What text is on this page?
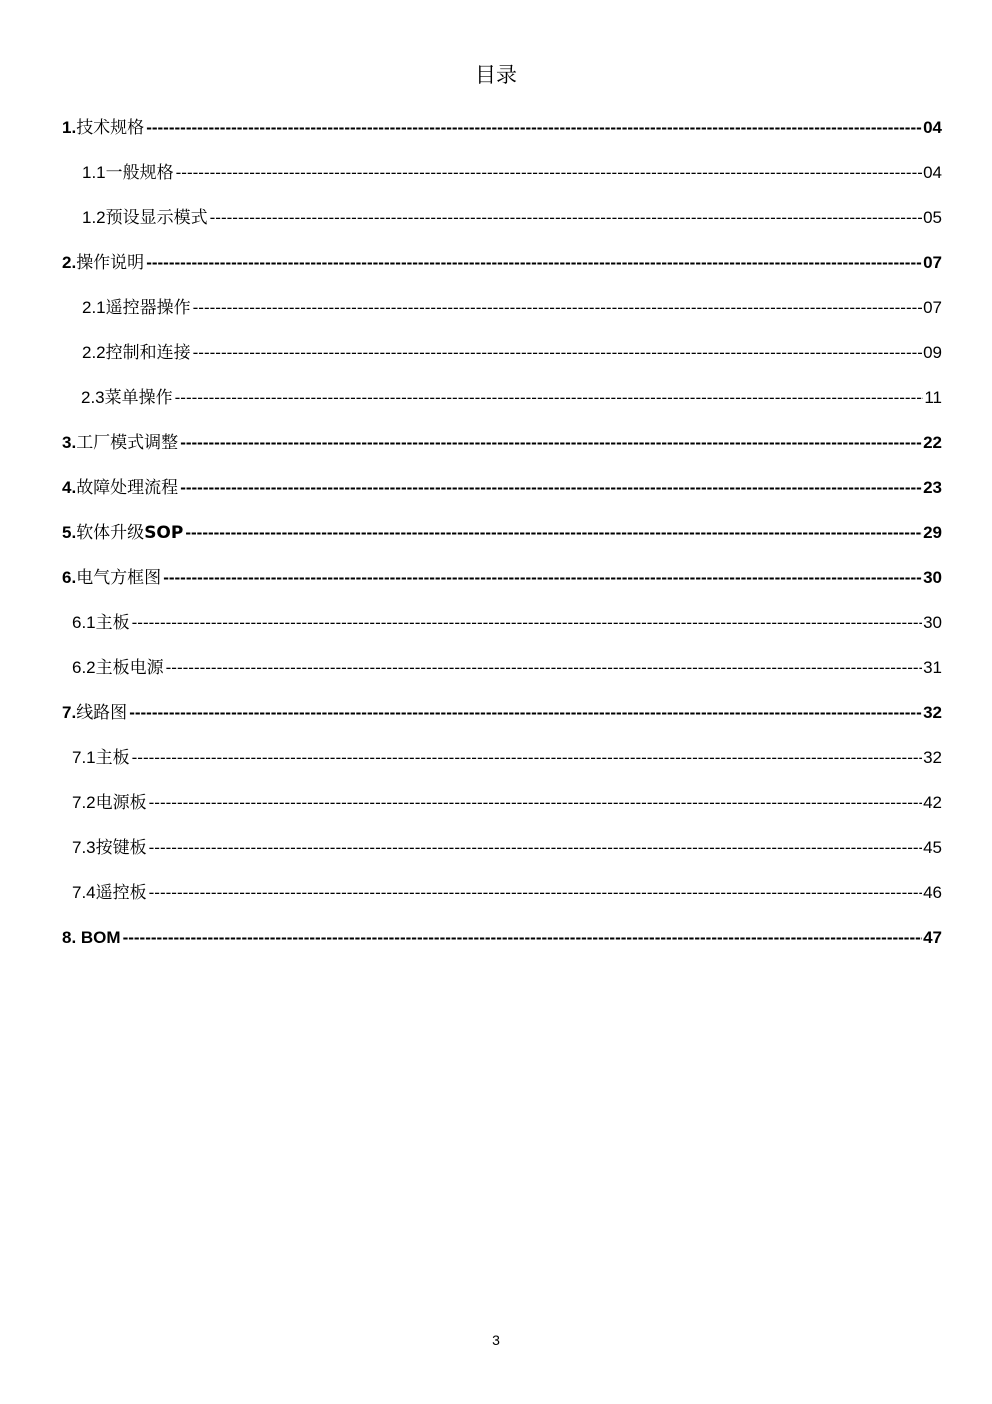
目录
1. 技术规格 -----	04
1.1 一般规格 -----	04
1.2 预设显示模式 -----	05
2. 操作说明 -----	07
2.1 遥控器操作 -----	07
2.2 控制和连接 -----	09
2.3 菜单操作 -----	11
3. 工厂模式调整 -----	22
4. 故障处理流程 -----	23
5. 软体升级 SOP -----	29
6. 电气方框图 -----	30
6.1 主板 -----	30
6.2 主板电源 -----	31
7. 线路图 -----	32
7.1 主板 -----	32
7.2 电源板 -----	42
7.3 按键板 -----	45
7.4 遥控板 -----	46
8. BOM -----	47
3
